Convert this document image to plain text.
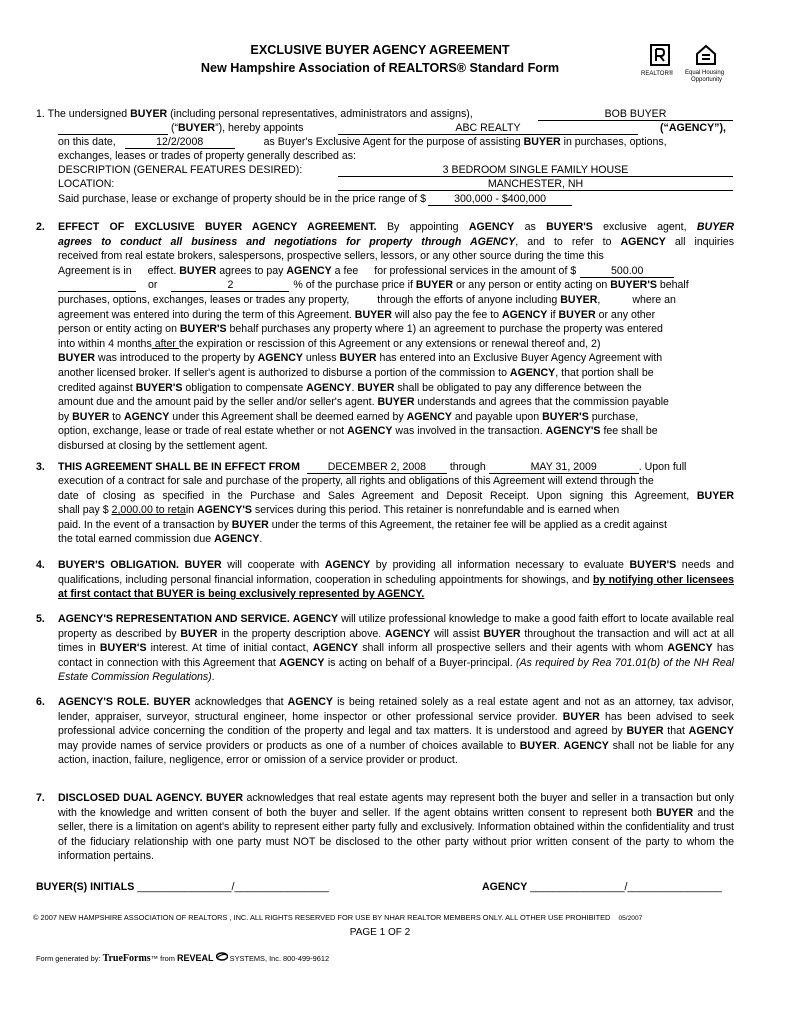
EXCLUSIVE BUYER AGENCY AGREEMENT
New Hampshire Association of REALTORS® Standard Form	REALTOR® Equal Housing
Opportunity
1. The undersigned BUYER (including personal representatives, administrators and assigns),	BOB BUYER
(“BUYER”), hereby appoints	ABC REALTY	(“AGENCY”),
on this date,	12/2/2008	as Buyer's Exclusive Agent for the purpose of assisting BUYER in purchases, options,
exchanges, leases or trades of property generally described as:
DESCRIPTION (GENERAL FEATURES DESIRED):	3 BEDROOM SINGLE FAMILY HOUSE
LOCATION:	MANCHESTER, NH
Said purchase, lease or exchange of property should be in the price range of $	300,000 - $400,000
2. EFFECT OF EXCLUSIVE BUYER AGENCY AGREEMENT. By appointing AGENCY as BUYER'S exclusive agent, BUYER

agrees to conduct all business and negotiations for property through AGENCY, and to refer to AGENCY all inquiries

received from real estate brokers, salespersons, prospective sellers, lessors, or any other source during the time this

Agreement is in effect. BUYER agrees to pay AGENCY a fee for professional services in the amount of $	500.00

or	2	% of the purchase price if BUYER or any person or entity acting on BUYER'S behalf

purchases, options, exchanges, leases or trades any property,	through the efforts of anyone including BUYER,	where an

agreement was entered into during the term of this Agreement. BUYER will also pay the fee to AGENCY if BUYER or any other

person or entity acting on BUYER'S behalf purchases any property where 1) an agreement to purchase the property was entered

into within 4 months after the expiration or rescission of this Agreement or any extensions or renewal thereof and, 2)

BUYER was introduced to the property by AGENCY unless BUYER has entered into an Exclusive Buyer Agency Agreement with

another licensed broker. If seller's agent is authorized to disburse a portion of the commission to AGENCY, that portion shall be

credited against BUYER'S obligation to compensate AGENCY. BUYER shall be obligated to pay any difference between the

amount due and the amount paid by the seller and/or seller's agent. BUYER understands and agrees that the commission payable

by BUYER to AGENCY under this Agreement shall be deemed earned by AGENCY and payable upon BUYER'S purchase,

option, exchange, lease or trade of real estate whether or not AGENCY was involved in the transaction. AGENCY'S fee shall be

disbursed at closing by the settlement agent.

3. THIS AGREEMENT SHALL BE IN EFFECT FROM	DECEMBER 2, 2008 through	MAY 31, 2009	. Upon full

execution of a contract for sale and purchase of the property, all rights and obligations of this Agreement will extend through the

date of closing as specified in the Purchase and Sales Agreement and Deposit Receipt. Upon signing this Agreement, BUYER

shall pay $ 2,000.00 to retain AGENCY'S services during this period. This retainer is nonrefundable and is earned when

paid. In the event of a transaction by BUYER under the terms of this Agreement, the retainer fee will be applied as a credit against

the total earned commission due AGENCY.

4. BUYER'S OBLIGATION. BUYER will cooperate with AGENCY by providing all information necessary to evaluate BUYER'S needs and qualifications, including personal financial information, cooperation in scheduling appointments for showings, and by notifying other licensees at first contact that BUYER is being exclusively represented by AGENCY.

5. AGENCY'S REPRESENTATION AND SERVICE. AGENCY will utilize professional knowledge to make a good faith effort to locate available real property as described by BUYER in the property description above. AGENCY will assist BUYER throughout the transaction and will act at all times in BUYER'S interest. At time of initial contact, AGENCY shall inform all prospective sellers and their agents with whom AGENCY has contact in connection with this Agreement that AGENCY is acting on behalf of a Buyer-principal. (As required by Rea 701.01(b) of the NH Real Estate Commission Regulations).

6. AGENCY'S ROLE. BUYER acknowledges that AGENCY is being retained solely as a real estate agent and not as an attorney, tax advisor, lender, appraiser, surveyor, structural engineer, home inspector or other professional service provider. BUYER has been advised to seek professional advice concerning the condition of the property and legal and tax matters. It is understood and agreed by BUYER that AGENCY may provide names of service providers or products as one of a number of choices available to BUYER. AGENCY shall not be liable for any action, inaction, failure, negligence, error or omission of a service provider or product.

7. DISCLOSED DUAL AGENCY. BUYER acknowledges that real estate agents may represent both the buyer and seller in a transaction but only with the knowledge and written consent of both the buyer and seller. If the agent obtains written consent to represent both BUYER and the seller, there is a limitation on agent's ability to represent either party fully and exclusively. Information obtained within the confidentiality and trust of the fiduciary relationship with one party must NOT be disclosed to the other party without prior written consent of the party to whom the information pertains.

BUYER(S) INITIALS ________________/________________	AGENCY ________________/________________
© 2007 NEW HAMPSHIRE ASSOCIATION OF REALTORS , INC. ALL RIGHTS RESERVED FOR USE BY NHAR REALTOR MEMBERS ONLY. ALL OTHER USE PROHIBITED 05/2007
PAGE 1 OF 2
Form generated by: TrueForms™ from REVEAL SYSTEMS, Inc. 800-499-9612
